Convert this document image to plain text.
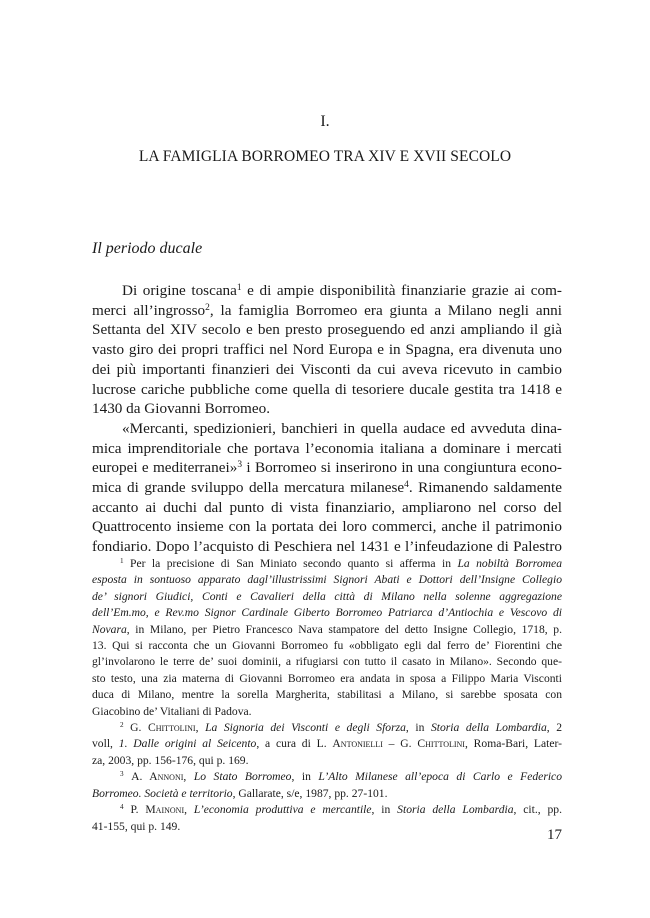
I.
LA FAMIGLIA BORROMEO TRA XIV E XVII SECOLO
Il periodo ducale
Di origine toscana$^1$ e di ampie disponibilità finanziarie grazie ai com-
merci all’ingrosso$^2$, la famiglia Borromeo era giunta a Milano negli anni
Settanta del XIV secolo e ben presto proseguendo ed anzi ampliando il già
vasto giro dei propri traffici nel Nord Europa e in Spagna, era divenuta uno
dei più importanti finanzieri dei Visconti da cui aveva ricevuto in cambio
lucrose cariche pubbliche come quella di tesoriere ducale gestita tra 1418 e
1430 da Giovanni Borromeo.
«Mercanti, spedizionieri, banchieri in quella audace ed avveduta dina-
mica imprenditoriale che portava l’economia italiana a dominare i mercati
europei e mediterranei»$^3$ i Borromeo si inserirono in una congiuntura econo-
mica di grande sviluppo della mercatura milanese$^4$. Rimanendo saldamente
accanto ai duchi dal punto di vista finanziario, ampliarono nel corso del
Quattrocento insieme con la portata dei loro commerci, anche il patrimonio
fondiario. Dopo l’acquisto di Peschiera nel 1431 e l’infeudazione di Palestro
$^1$ Per la precisione di San Miniato secondo quanto si afferma in La nobiltà Borromea
esposta in sontuoso apparato dagl’illustrissimi Signori Abati e Dottori dell’Insigne Collegio
de’ signori Giudici, Conti e Cavalieri della città di Milano nella solenne aggregazione
dell’Em.mo, e Rev.mo Signor Cardinale Giberto Borromeo Patriarca d’Antiochia e Vescovo di
Novara, in Milano, per Pietro Francesco Nava stampatore del detto Insigne Collegio, 1718, p.
13. Qui si racconta che un Giovanni Borromeo fu «obbligato egli dal ferro de’ Fiorentini che
gl’involarono le terre de’ suoi dominii, a rifugiarsi con tutto il casato in Milano». Secondo que-
sto testo, una zia materna di Giovanni Borromeo era andata in sposa a Filippo Maria Visconti
duca di Milano, mentre la sorella Margherita, stabilitasi a Milano, si sarebbe sposata con
Giacobino de’ Vitaliani di Padova.
$^2$ G. Chittolini, La Signoria dei Visconti e degli Sforza, in Storia della Lombardia, 2
voll, 1. Dalle origini al Seicento, a cura di L. Antonielli – G. Chittolini, Roma-Bari, Later-
za, 2003, pp. 156-176, qui p. 169.
$^3$ A. Annoni, Lo Stato Borromeo, in L’Alto Milanese all’epoca di Carlo e Federico
Borromeo. Società e territorio, Gallarate, s/e, 1987, pp. 27-101.
$^4$ P. Mainoni, L’economia produttiva e mercantile, in Storia della Lombardia, cit., pp.
41-155, qui p. 149.
17
